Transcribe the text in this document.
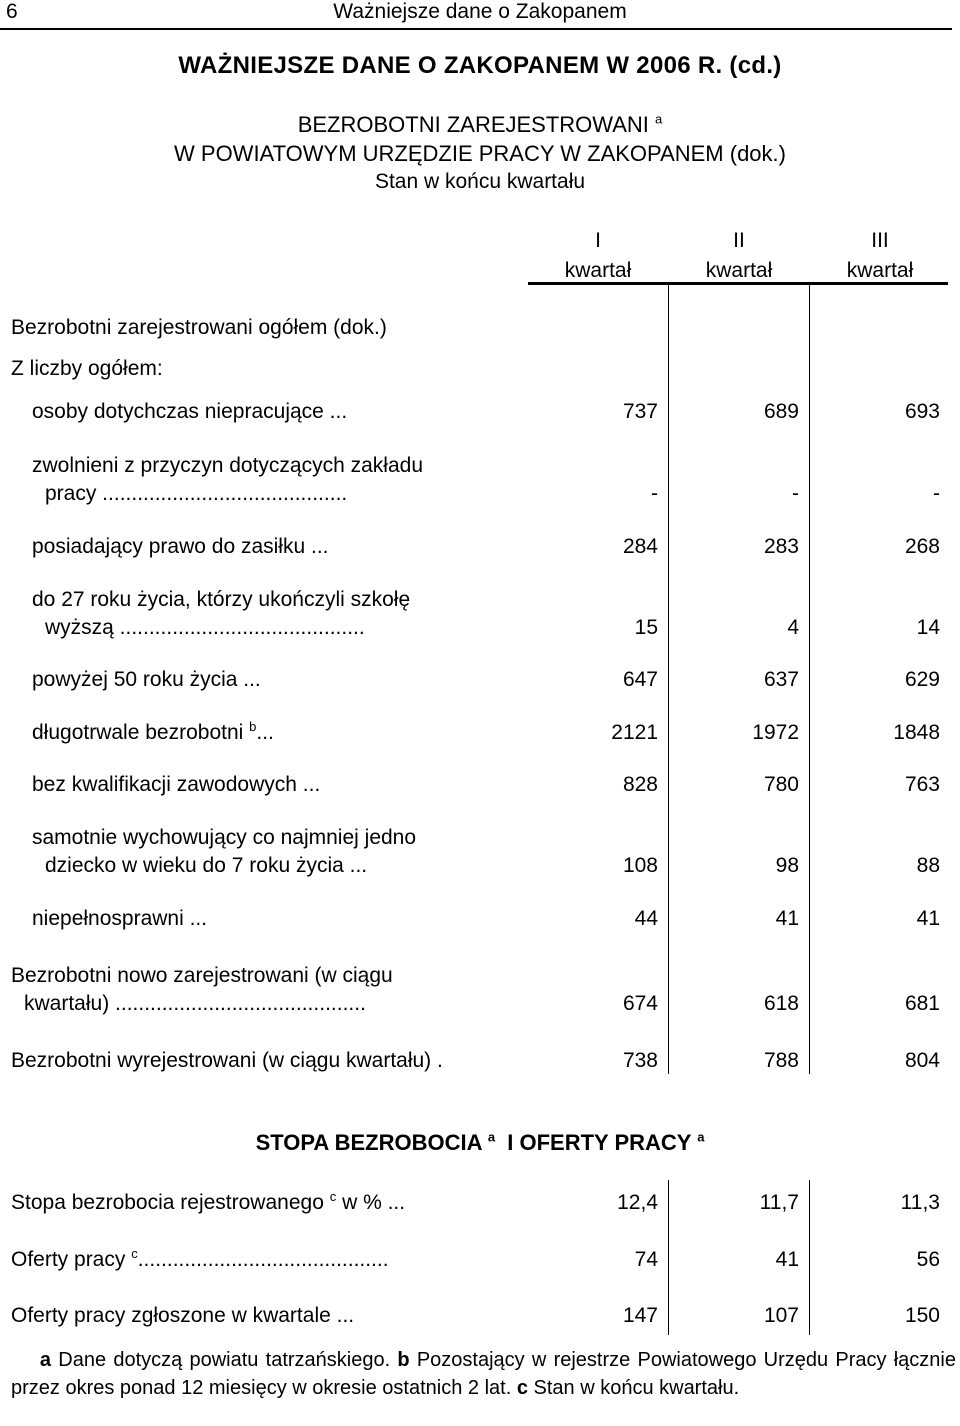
6	Ważniejsze dane o Zakopanem
WAŻNIEJSZE DANE O ZAKOPANEM W 2006 R. (cd.)
BEZROBOTNI ZAREJESTROWANI $^a$
W POWIATOWYM URZĘDZIE PRACY W ZAKOPANEM (dok.)
Stan w końcu kwartału
I
kwartał
II
kwartał
III
kwartał
Bezrobotni zarejestrowani ogółem (dok.)
Z liczby ogółem:
osoby dotychczas niepracujące ...	737	689	693
zwolnieni z przyczyn dotyczących zakładu
pracy ..........................................	-	-	-
posiadający prawo do zasiłku ...	284	283	268
do 27 roku życia, którzy ukończyli szkołę
wyższą ..........................................	15	4	14
powyżej 50 roku życia ...	647	637	629
długotrwale bezrobotni $^b$...	2121	1972	1848
bez kwalifikacji zawodowych ...	828	780	763
samotnie wychowujący co najmniej jedno
dziecko w wieku do 7 roku życia ...	108	98	88
niepełnosprawni ...	44	41	41
Bezrobotni nowo zarejestrowani (w ciągu
kwartału) ...........................................	674	618	681
Bezrobotni wyrejestrowani (w ciągu kwartału) .	738	788	804
STOPA BEZROBOCIA $^a$ I OFERTY PRACY $^a$
Stopa bezrobocia rejestrowanego $^c$ w % ...	12,4	11,7	11,3
Oferty pracy $^c$...........................................	74	41	56
Oferty pracy zgłoszone w kwartale ...	147	107	150
a Dane dotyczą powiatu tatrzańskiego. b Pozostający w rejestrze Powiatowego Urzędu Pracy łącznie przez okres ponad 12 miesięcy w okresie ostatnich 2 lat. c Stan w końcu kwartału.
